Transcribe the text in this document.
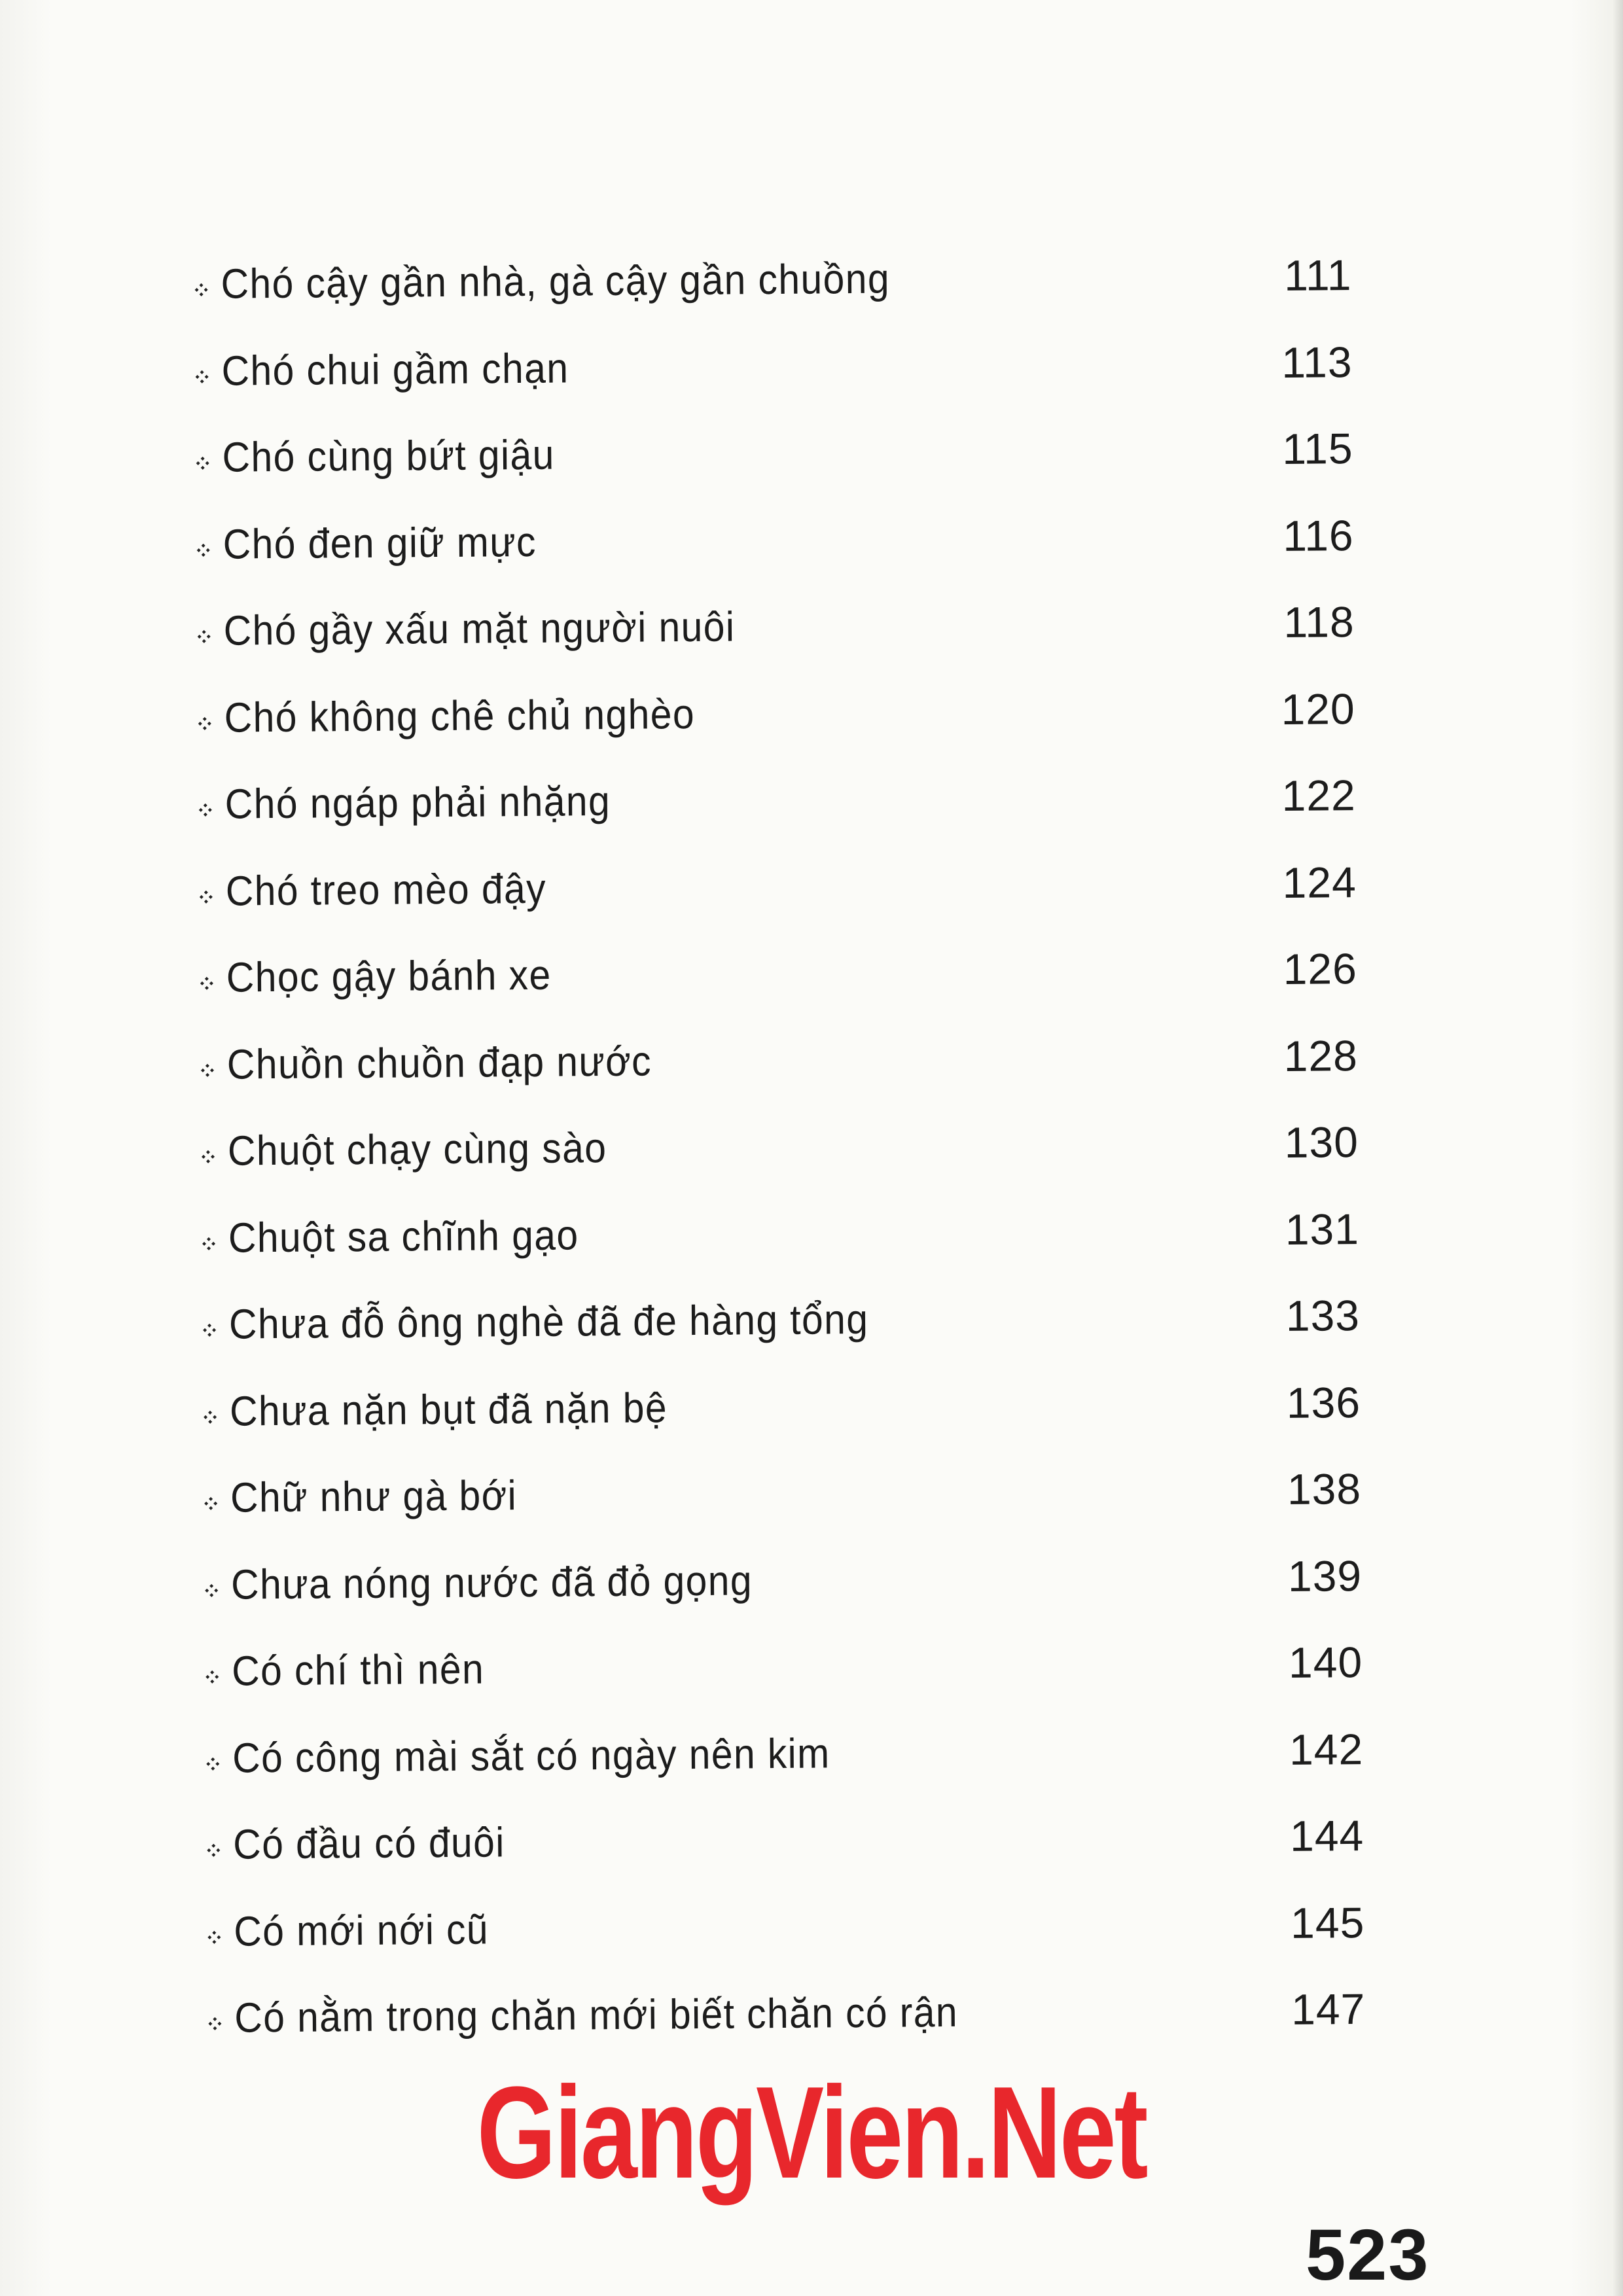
Chó cậy gần nhà, gà cậy gần chuồng	111
Chó chui gầm chạn	113
Chó cùng bứt giậu	115
Chó đen giữ mực	116
Chó gầy xấu mặt người nuôi	118
Chó không chê chủ nghèo	120
Chó ngáp phải nhặng	122
Chó treo mèo đậy	124
Chọc gậy bánh xe	126
Chuồn chuồn đạp nước	128
Chuột chạy cùng sào	130
Chuột sa chĩnh gạo	131
Chưa đỗ ông nghè đã đe hàng tổng	133
Chưa nặn bụt đã nặn bệ	136
Chữ như gà bới	138
Chưa nóng nước đã đỏ gọng	139
Có chí thì nên	140
Có công mài sắt có ngày nên kim	142
Có đầu có đuôi	144
Có mới nới cũ	145
Có nằm trong chăn mới biết chăn có rận	147
GiangVien.Net
523
